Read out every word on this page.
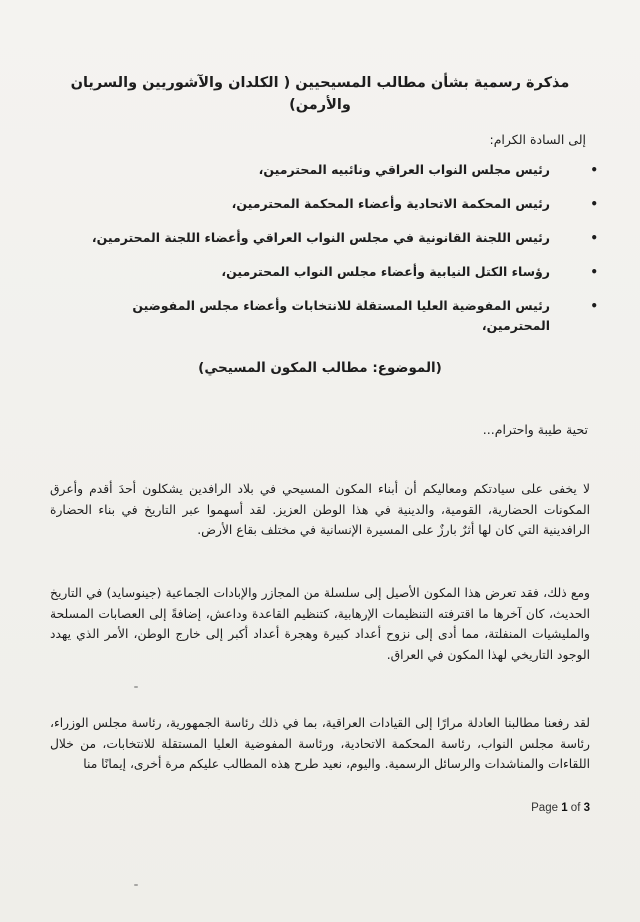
مذكرة رسمية بشأن مطالب المسيحيين ( الكلدان والآشوريين والسريان والأرمن)
إلى السادة الكرام:
•
رئيس مجلس النواب العراقي ونائبيه المحترمين،
•
رئيس المحكمة الاتحادية وأعضاء المحكمة المحترمين،
•
رئيس اللجنة القانونية في مجلس النواب العراقي وأعضاء اللجنة المحترمين،
•
رؤساء الكتل النيابية وأعضاء مجلس النواب المحترمين،
•
رئيس المفوضية العليا المستقلة للانتخابات وأعضاء مجلس المفوضين المحترمين،
(الموضوع: مطالب المكون المسيحي)
تحية طيبة واحترام...
لا يخفى على سيادتكم ومعاليكم أن أبناء المكون المسيحي في بلاد الرافدين يشكلون أحدَ أقدم وأعرق المكونات الحضارية، القومية، والدينية في هذا الوطن العزيز. لقد أسهموا عبر التاريخ في بناء الحضارة الرافدينية التي كان لها أثرٌ بارزٌ على المسيرة الإنسانية في مختلف بقاع الأرض.
ومع ذلك، فقد تعرض هذا المكون الأصيل إلى سلسلة من المجازر والإبادات الجماعية (جينوسايد) في التاريخ الحديث، كان آخرها ما اقترفته التنظيمات الإرهابية، كتنظيم القاعدة وداعش، إضافةً إلى العصابات المسلحة والمليشيات المنفلتة، مما أدى إلى نزوح أعداد كبيرة وهجرة أعداد أكبر إلى خارج الوطن، الأمر الذي يهدد الوجود التاريخي لهذا المكون في العراق.
لقد رفعنا مطالبنا العادلة مرارًا إلى القيادات العراقية، بما في ذلك رئاسة الجمهورية، رئاسة مجلس الوزراء، رئاسة مجلس النواب، رئاسة المحكمة الاتحادية، ورئاسة المفوضية العليا المستقلة للانتخابات، من خلال اللقاءات والمناشدات والرسائل الرسمية. واليوم، نعيد طرح هذه المطالب عليكم مرة أخرى، إيمانًا منا
Page 1 of 3
